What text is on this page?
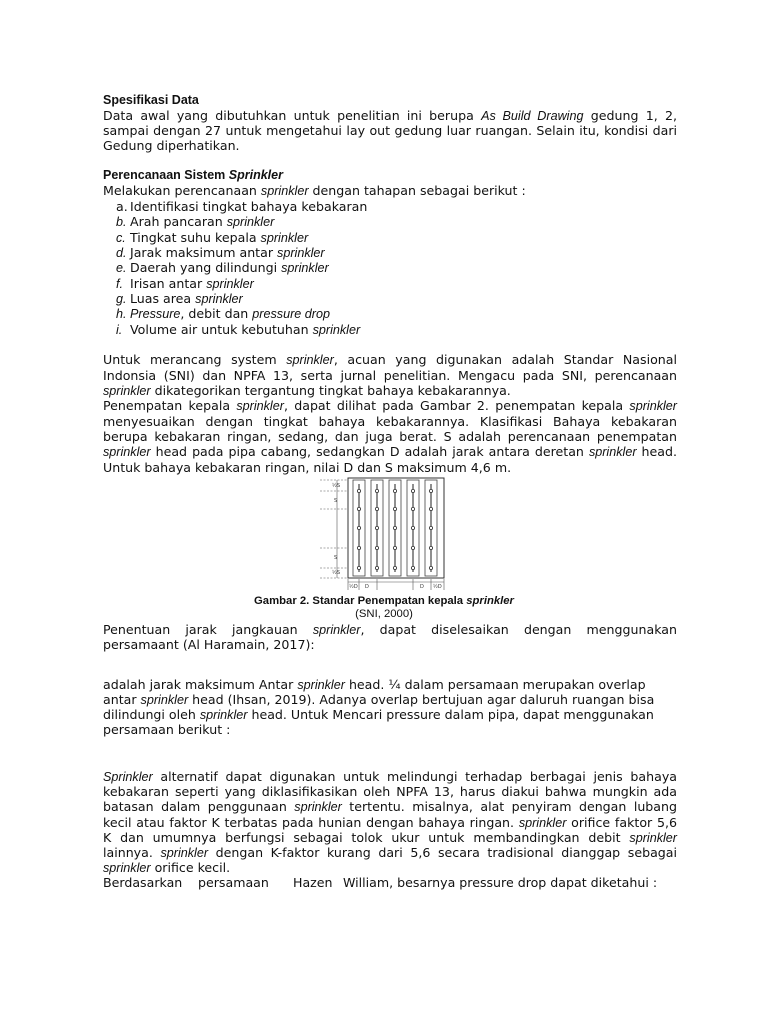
Spesifikasi Data
Data awal yang dibutuhkan untuk penelitian ini berupa As Build Drawing gedung 1, 2,
sampai dengan 27 untuk mengetahui lay out gedung luar ruangan. Selain itu, kondisi dari
Gedung diperhatikan.
Perencanaan Sistem Sprinkler
Melakukan perencanaan sprinkler dengan tahapan sebagai berikut :
a. Identifikasi tingkat bahaya kebakaran
b. Arah pancaran sprinkler
c. Tingkat suhu kepala sprinkler
d. Jarak maksimum antar sprinkler
e. Daerah yang dilindungi sprinkler
f. Irisan antar sprinkler
g. Luas area sprinkler
h. Pressure, debit dan pressure drop
i. Volume air untuk kebutuhan sprinkler
Untuk merancang system sprinkler, acuan yang digunakan adalah Standar Nasional
Indonsia (SNI) dan NPFA 13, serta jurnal penelitian. Mengacu pada SNI, perencanaan
sprinkler dikategorikan tergantung tingkat bahaya kebakarannya.
Penempatan kepala sprinkler, dapat dilihat pada Gambar 2. penempatan kepala sprinkler
menyesuaikan dengan tingkat bahaya kebakarannya. Klasifikasi Bahaya kebakaran
berupa kebakaran ringan, sedang, dan juga berat. S adalah perencanaan penempatan
sprinkler head pada pipa cabang, sedangkan D adalah jarak antara deretan sprinkler head.
Untuk bahaya kebakaran ringan, nilai D dan S maksimum 4,6 m.
½S
S
S
½S
½D D	D ½D
Gambar 2. Standar Penempatan kepala sprinkler
(SNI, 2000)
Penentuan jarak jangkauan sprinkler, dapat diselesaikan dengan menggunakan
persamaant (Al Haramain, 2017):
adalah jarak maksimum Antar sprinkler head. ¼ dalam persamaan merupakan overlap
antar sprinkler head (Ihsan, 2019). Adanya overlap bertujuan agar daluruh ruangan bisa
dilindungi oleh sprinkler head. Untuk Mencari pressure dalam pipa, dapat menggunakan
persamaan berikut :
Sprinkler alternatif dapat digunakan untuk melindungi terhadap berbagai jenis bahaya
kebakaran seperti yang diklasifikasikan oleh NPFA 13, harus diakui bahwa mungkin ada
batasan dalam penggunaan sprinkler tertentu. misalnya, alat penyiram dengan lubang
kecil atau faktor K terbatas pada hunian dengan bahaya ringan. sprinkler orifice faktor 5,6
K dan umumnya berfungsi sebagai tolok ukur untuk membandingkan debit sprinkler
lainnya. sprinkler dengan K-faktor kurang dari 5,6 secara tradisional dianggap sebagai
sprinkler orifice kecil.
Berdasarkan persamaan Hazen William, besarnya pressure drop dapat diketahui :
